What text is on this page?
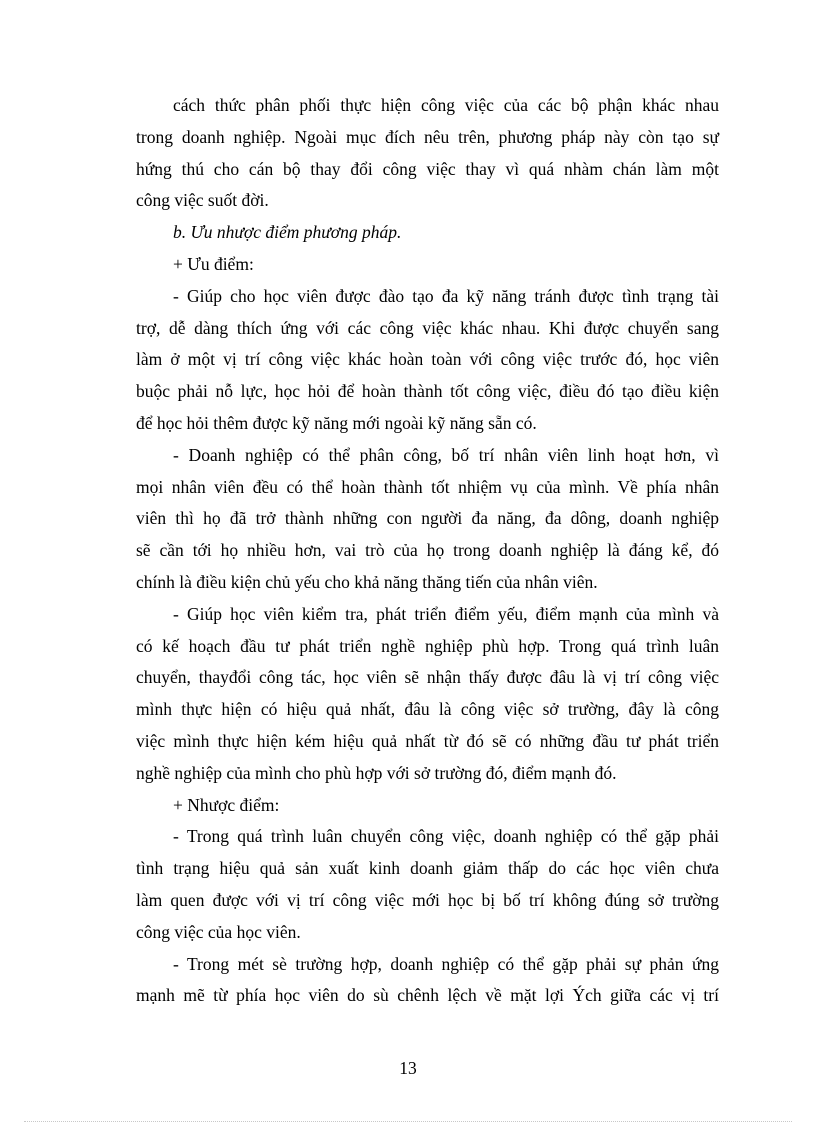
cách thức phân phối thực hiện công việc của các bộ phận khác nhau
trong doanh nghiệp. Ngoài mục đích nêu trên, phương pháp này còn tạo sự
hứng thú cho cán bộ thay đổi công việc thay vì quá nhàm chán làm một
công việc suốt đời.
b. Ưu nhược điểm phương pháp.
+ Ưu điểm:
- Giúp cho học viên được đào tạo đa kỹ năng tránh được tình trạng tài
trợ, dễ dàng thích ứng với các công việc khác nhau. Khi được chuyển sang
làm ở một vị trí công việc khác hoàn toàn với công việc trước đó, học viên
buộc phải nỗ lực, học hỏi để hoàn thành tốt công việc, điều đó tạo điều kiện
để học hỏi thêm được kỹ năng mới ngoài kỹ năng sẵn có.
- Doanh nghiệp có thể phân công, bố trí nhân viên linh hoạt hơn, vì
mọi nhân viên đều có thể hoàn thành tốt nhiệm vụ của mình. Về phía nhân
viên thì họ đã trở thành những con người đa năng, đa dông, doanh nghiệp
sẽ cần tới họ nhiều hơn, vai trò của họ trong doanh nghiệp là đáng kể, đó
chính là điều kiện chủ yếu cho khả năng thăng tiến của nhân viên.
- Giúp học viên kiểm tra, phát triển điểm yếu, điểm mạnh của mình và
có kế hoạch đầu tư phát triển nghề nghiệp phù hợp. Trong quá trình luân
chuyển, thayđổi công tác, học viên sẽ nhận thấy được đâu là vị trí công việc
mình thực hiện có hiệu quả nhất, đâu là công việc sở trường, đây là công
việc mình thực hiện kém hiệu quả nhất từ đó sẽ có những đầu tư phát triển
nghề nghiệp của mình cho phù hợp với sở trường đó, điểm mạnh đó.
+ Nhược điểm:
- Trong quá trình luân chuyển công việc, doanh nghiệp có thể gặp phải
tình trạng hiệu quả sản xuất kinh doanh giảm thấp do các học viên chưa
làm quen được với vị trí công việc mới học bị bố trí không đúng sở trường
công việc của học viên.
- Trong mét sè trường hợp, doanh nghiệp có thể gặp phải sự phản ứng
mạnh mẽ từ phía học viên do sù chênh lệch về mặt lợi Ých giữa các vị trí
13
